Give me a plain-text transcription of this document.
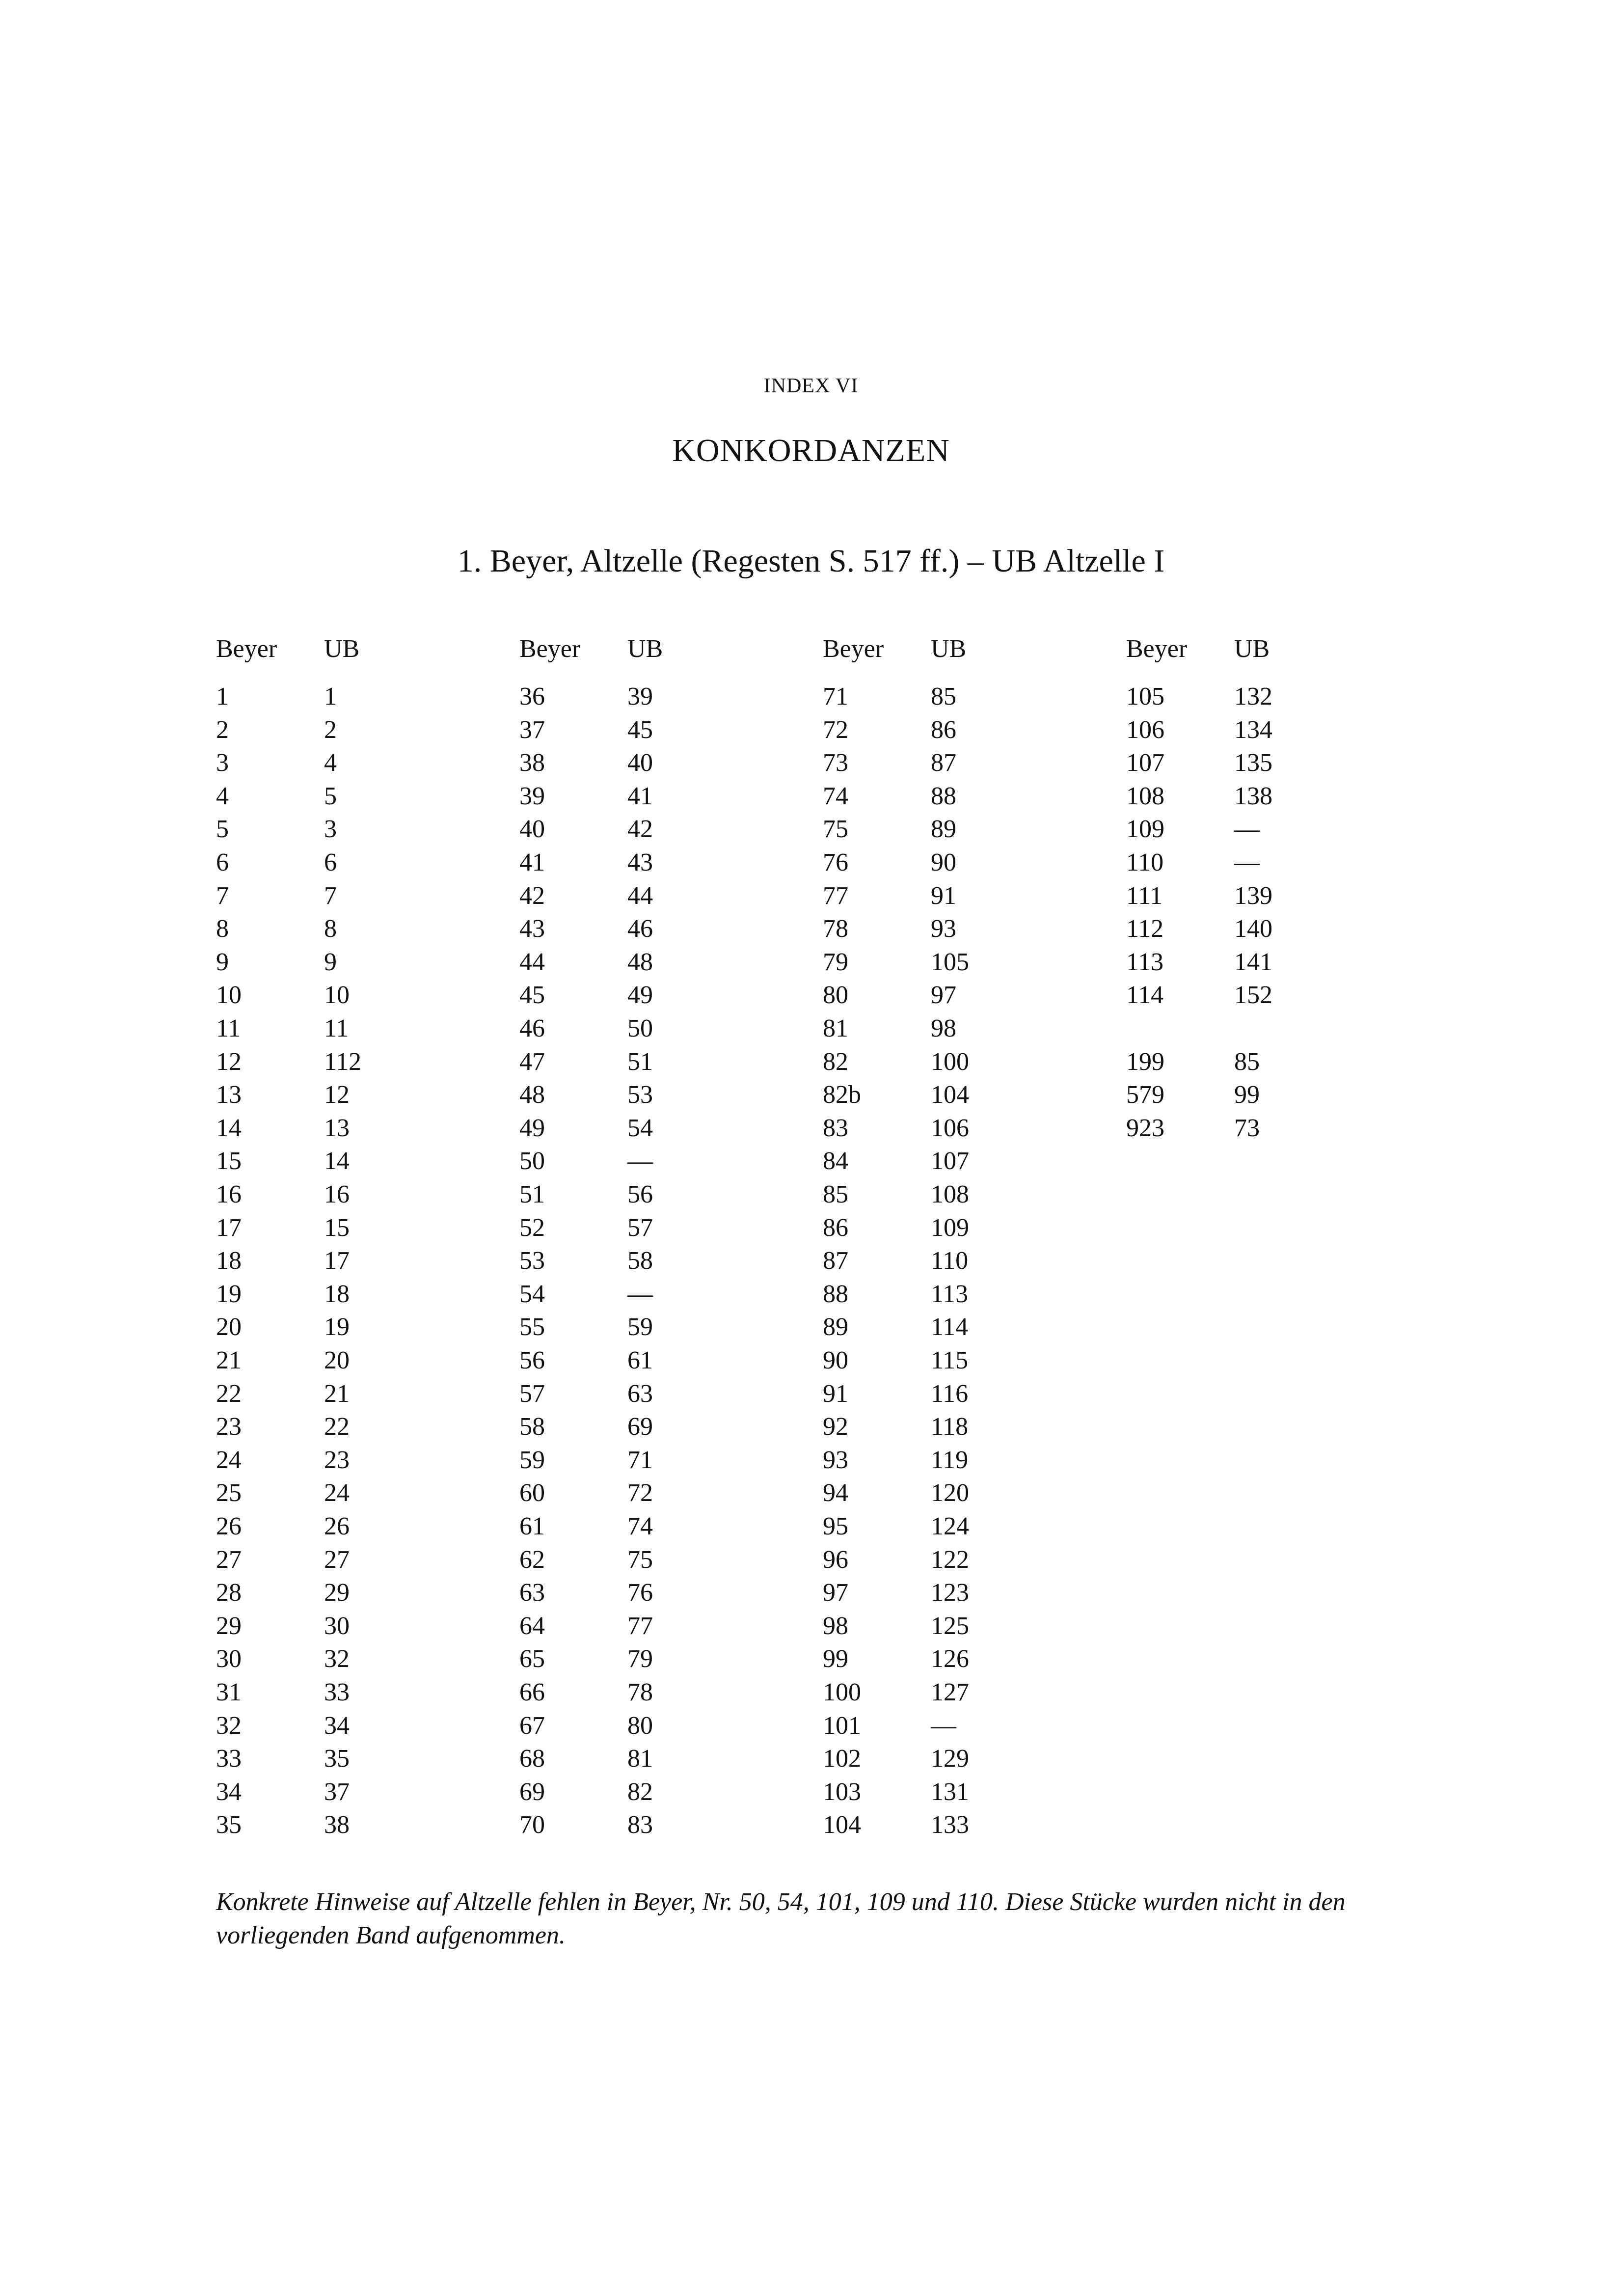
INDEX VI
KONKORDANZEN
1. Beyer, Altzelle (Regesten S. 517 ff.) – UB Altzelle I
Beyer UB
1	1
2	2
3	4
4	5
5	3
6	6
7	7
8	8
9	9
10	10
11	11
12	112
13	12
14	13
15	14
16	16
17	15
18	17
19	18
20	19
21	20
22	21
23	22
24	23
25	24
26	26
27	27
28	29
29	30
30	32
31	33
32	34
33	35
34	37
35	38
Beyer UB
36	39
37	45
38	40
39	41
40	42
41	43
42	44
43	46
44	48
45	49
46	50
47	51
48	53
49	54
50	—
51	56
52	57
53	58
54	—
55	59
56	61
57	63
58	69
59	71
60	72
61	74
62	75
63	76
64	77
65	79
66	78
67	80
68	81
69	82
70	83
Beyer UB
71	85
72	86
73	87
74	88
75	89
76	90
77	91
78	93
79	105
80	97
81	98
82	100
82b	104
83	106
84	107
85	108
86	109
87	110
88	113
89	114
90	115
91	116
92	118
93	119
94	120
95	124
96	122
97	123
98	125
99	126
100	127
101	—
102	129
103	131
104	133
Beyer UB
105	132
106	134
107	135
108	138
109	—
110	—
111	139
112	140
113	141
114	152
199	85
579	99
923	73
Konkrete Hinweise auf Altzelle fehlen in Beyer, Nr. 50, 54, 101, 109 und 110. Diese Stücke wurden nicht in den vorliegenden Band aufgenommen.
